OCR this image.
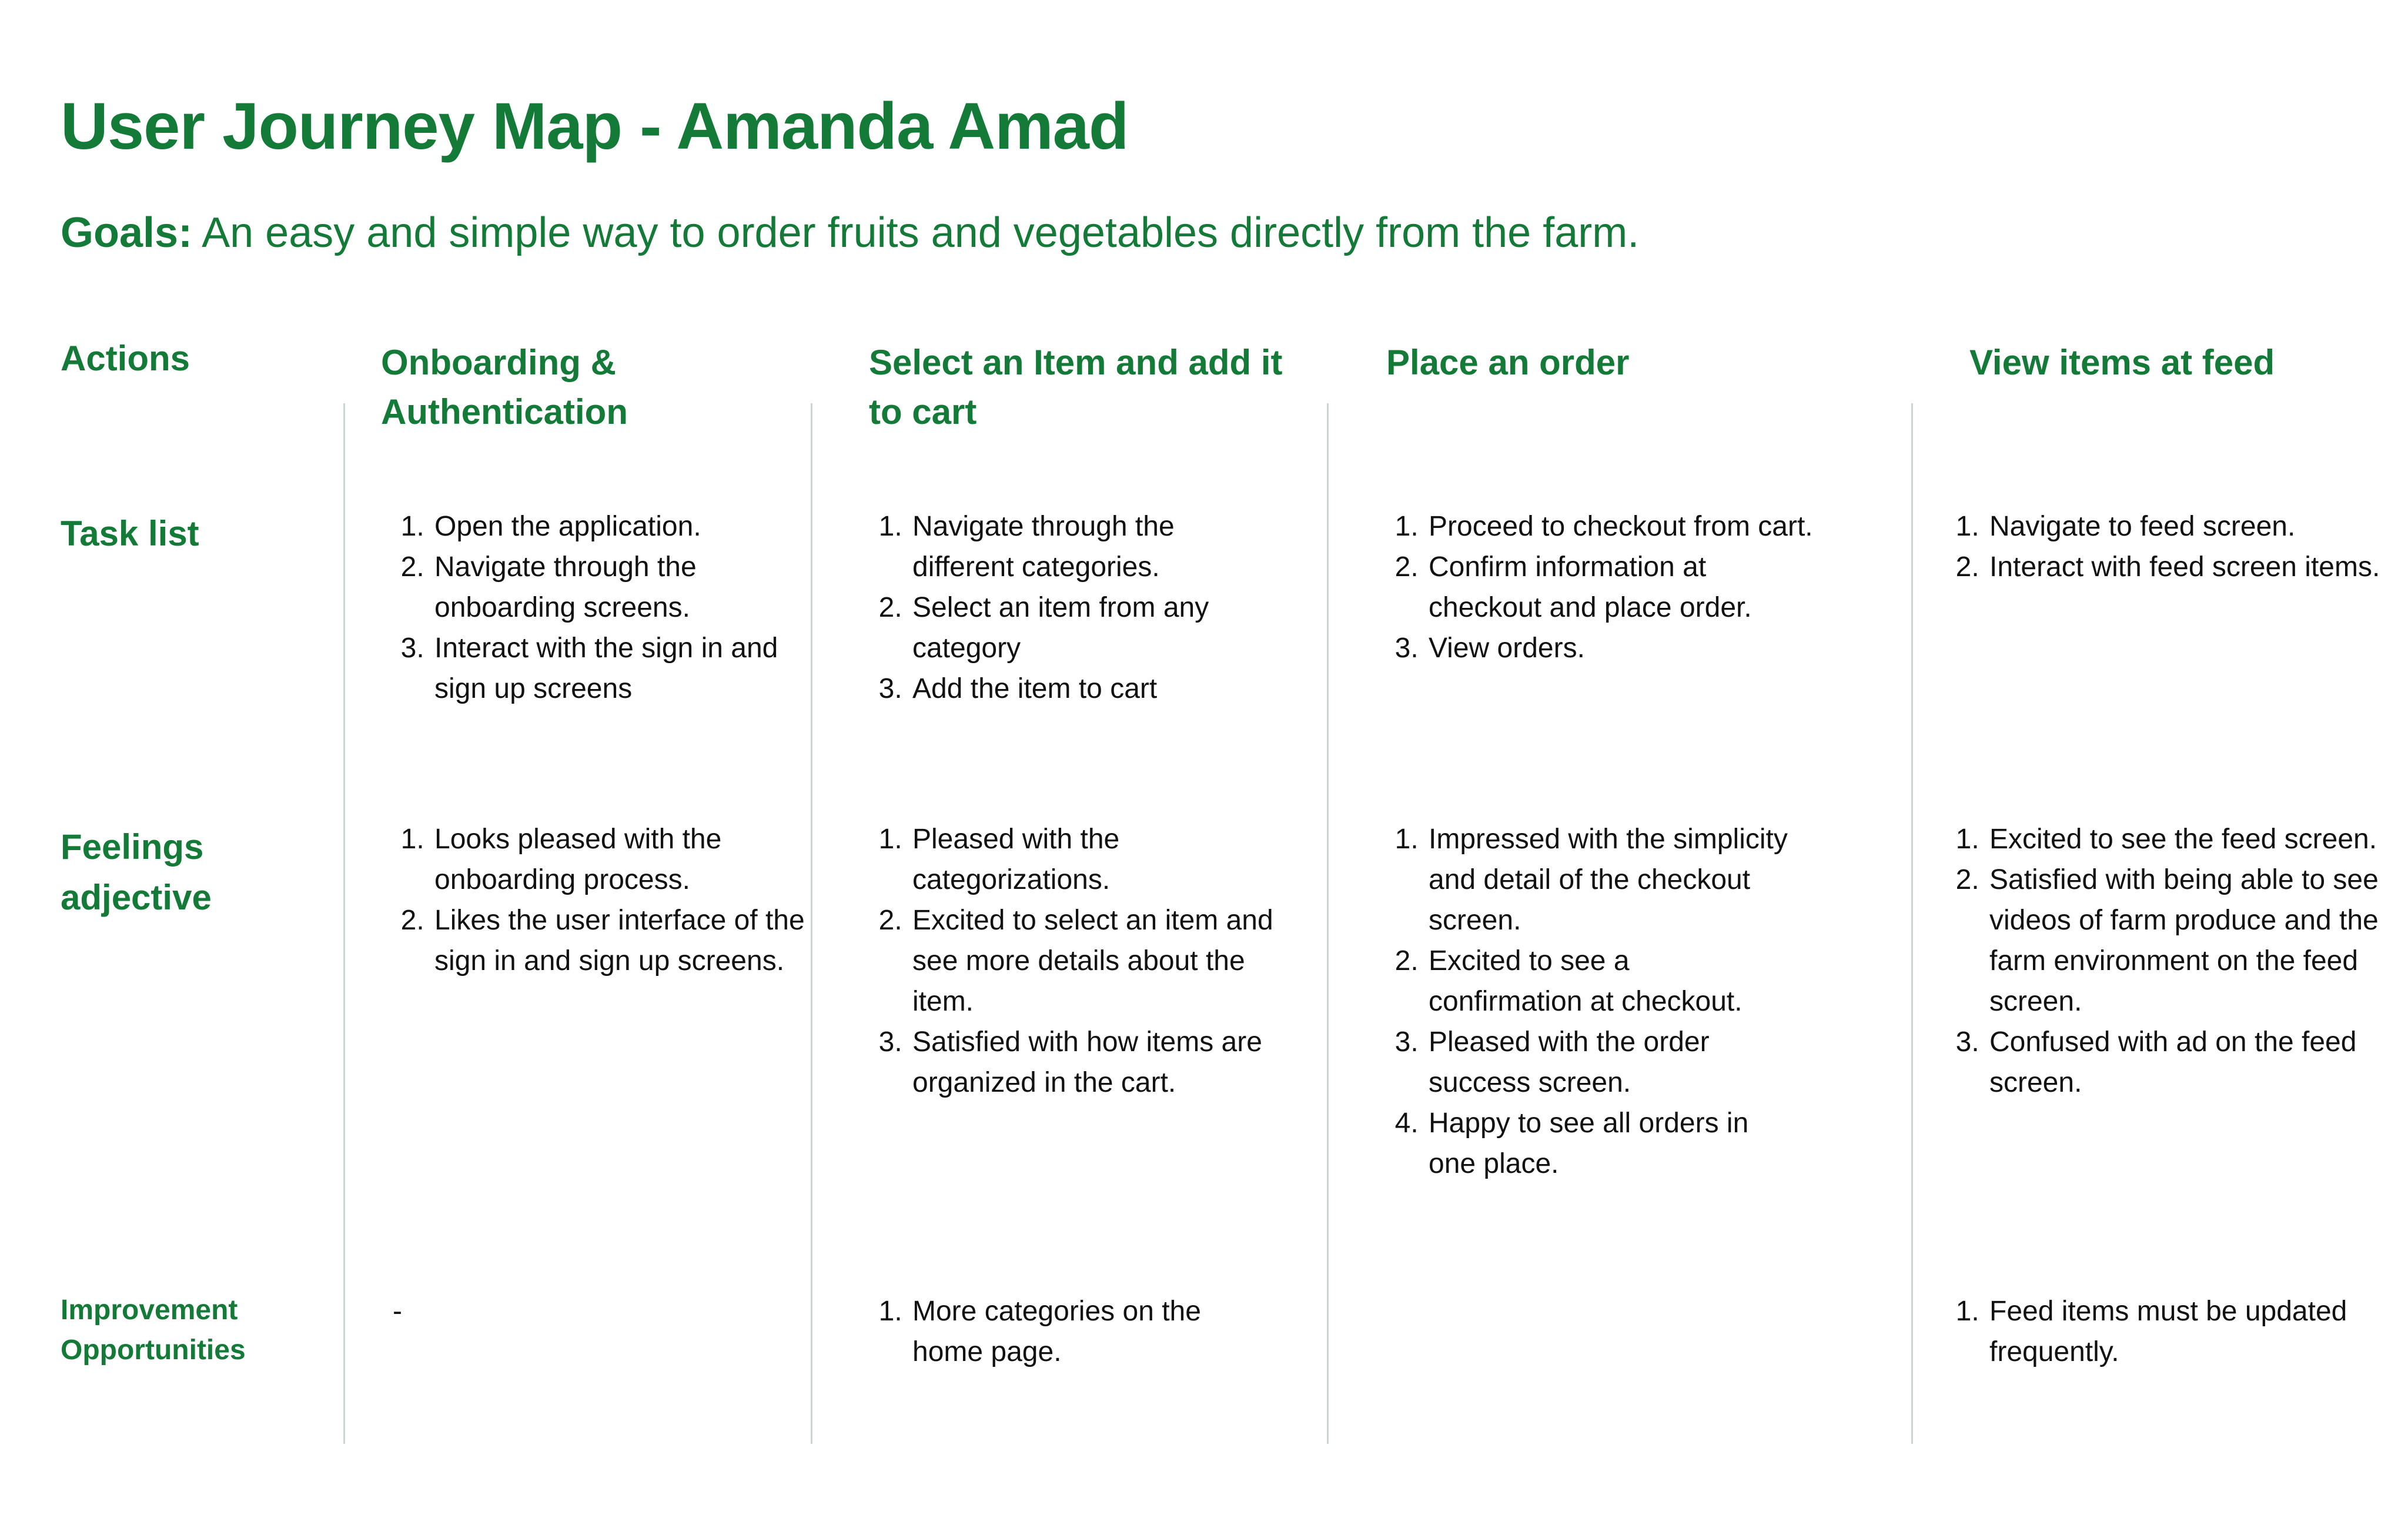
User Journey Map - Amanda Amad
Goals: An easy and simple way to order fruits and vegetables directly from the farm.
Actions
Task list
Feelings adjective
Improvement Opportunities
Onboarding & Authentication
Select an Item and add it to cart
Place an order	View items at feed
1. Open the application.
2. Navigate through the onboarding screens.
3. Interact with the sign in and sign up screens
1. Navigate through the different categories.
2. Select an item from any category
3. Add the item to cart
1. Proceed to checkout from cart.
2. Confirm information at checkout and place order.
3. View orders.
1. Navigate to feed screen.
2. Interact with feed screen items.
1. Looks pleased with the onboarding process.
2. Likes the user interface of the sign in and sign up screens.
1. Pleased with the categorizations.
2. Excited to select an item and see more details about the item.
3. Satisfied with how items are organized in the cart.
1. Impressed with the simplicity and detail of the checkout screen.
2. Excited to see a confirmation at checkout.
3. Pleased with the order success screen.
4. Happy to see all orders in one place.
1. Excited to see the feed screen.
2. Satisfied with being able to see videos of farm produce and the farm environment on the feed screen.
3. Confused with ad on the feed screen.
-
1.	More categories on the home page.
1. Feed items must be updated frequently.
